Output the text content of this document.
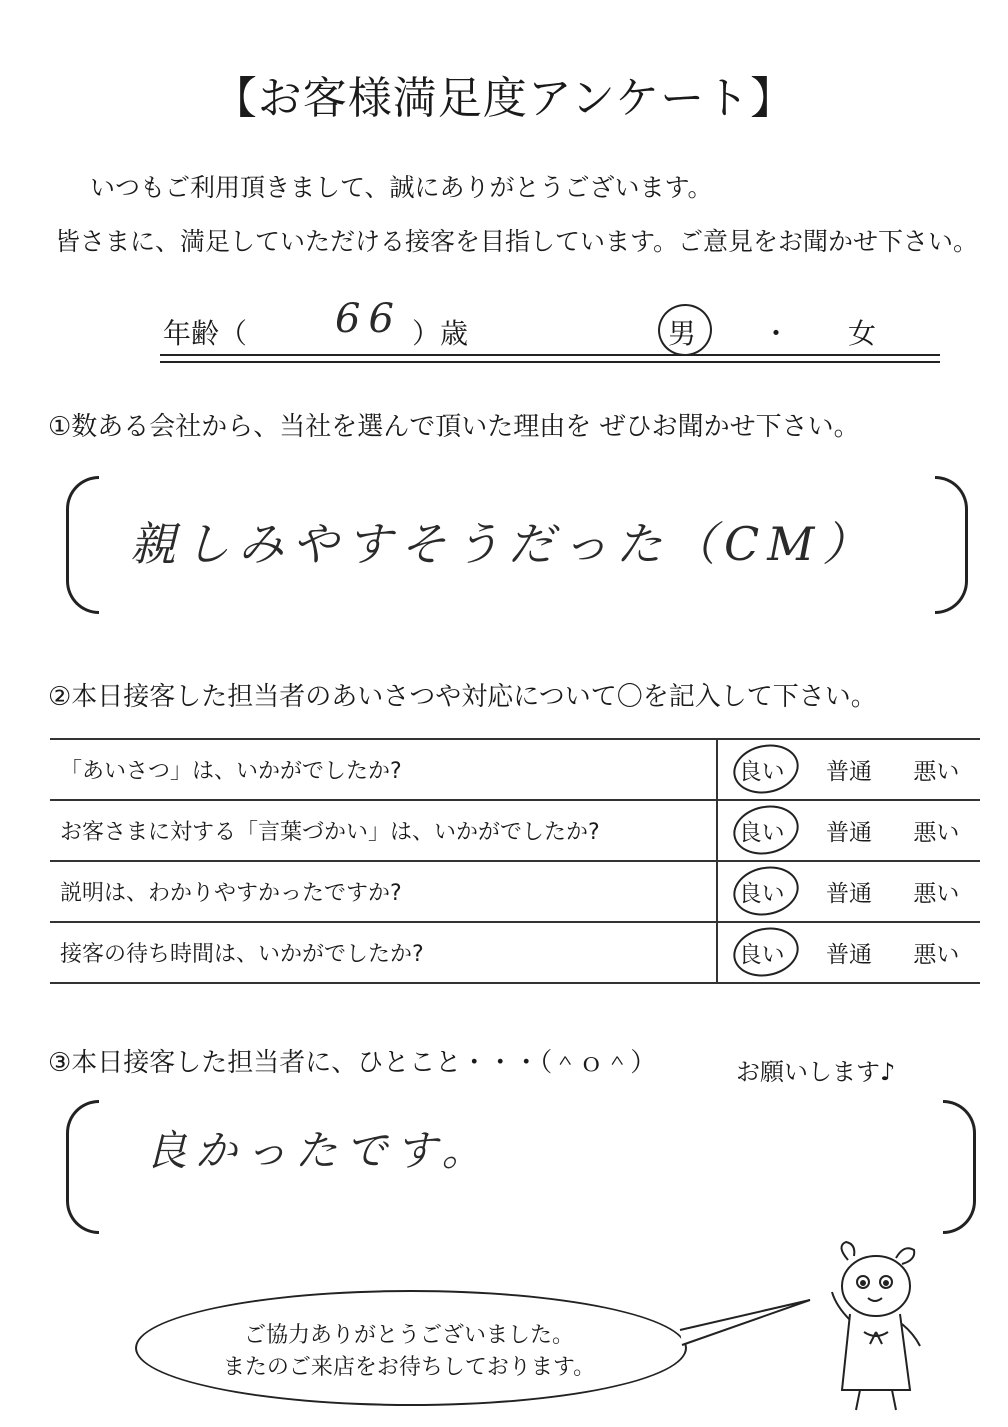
【お客様満足度アンケート】
いつもご利用頂きまして、誠にありがとうございます。
皆さまに、満足していただける接客を目指しています。ご意見をお聞かせ下さい。
年齢（ 66 ）歳	男 ・ 女
①数ある会社から、当社を選んで頂いた理由を ぜひお聞かせ下さい。
親しみやすそうだった（CM）
②本日接客した担当者のあいさつや対応について〇を記入して下さい。
「あいさつ」は、いかがでしたか?	良い 普通 悪い

お客さまに対する「言葉づかい」は、いかがでしたか?	良い 普通 悪い

説明は、わかりやすかったですか?	良い 普通 悪い

接客の待ち時間は、いかがでしたか?	良い 普通 悪い
③本日接客した担当者に、ひとこと・・・（＾ｏ＾）	お願いします♪
良かったです。
ご協力ありがとうございました。
またのご来店をお待ちしております。
